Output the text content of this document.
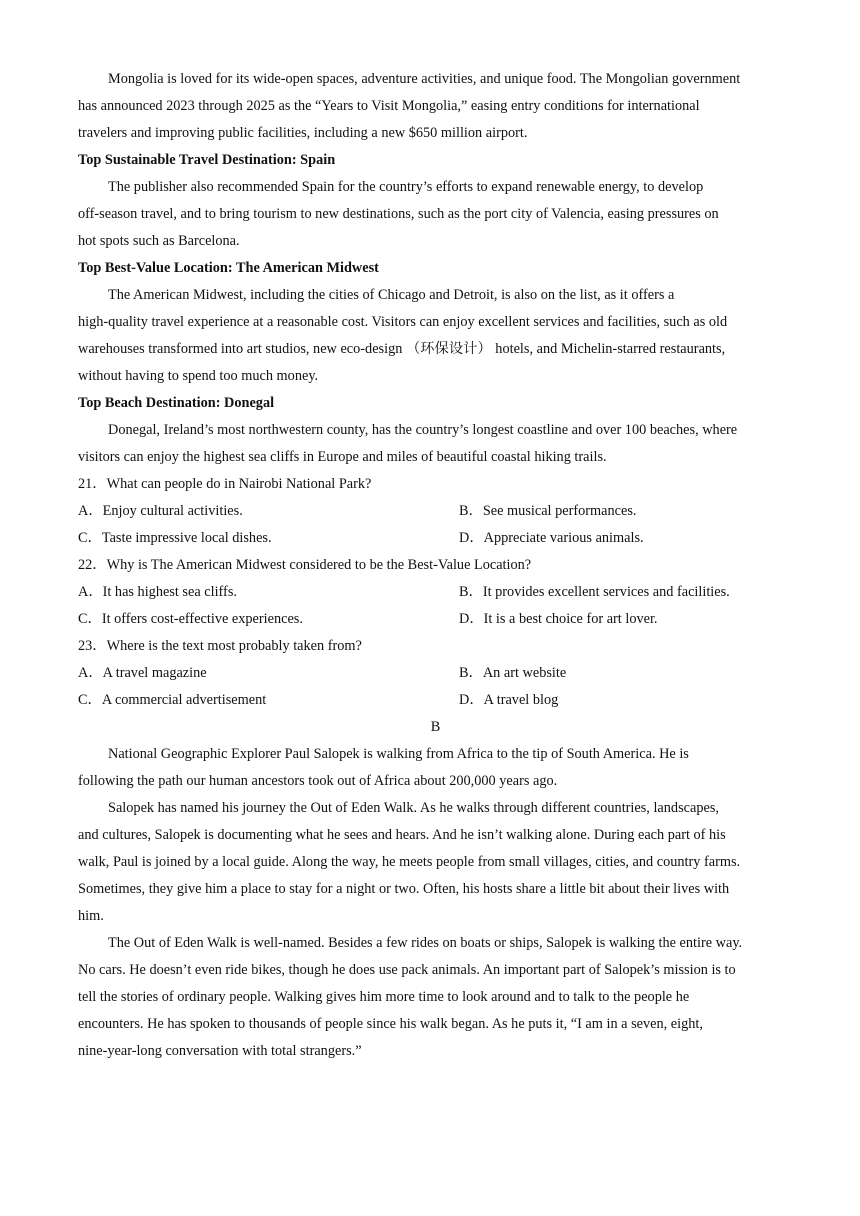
Mongolia is loved for its wide-open spaces, adventure activities, and unique food. The Mongolian government

has announced 2023 through 2025 as the “Years to Visit Mongolia,” easing entry conditions for international

travelers and improving public facilities, including a new $650 million airport.

Top Sustainable Travel Destination: Spain

The publisher also recommended Spain for the country’s efforts to expand renewable energy, to develop

off-season travel, and to bring tourism to new destinations, such as the port city of Valencia, easing pressures on

hot spots such as Barcelona.

Top Best-Value Location: The American Midwest

The American Midwest, including the cities of Chicago and Detroit, is also on the list, as it offers a

high-quality travel experience at a reasonable cost. Visitors can enjoy excellent services and facilities, such as old

warehouses transformed into art studios, new eco-design （环保设计） hotels, and Michelin-starred restaurants,

without having to spend too much money.

Top Beach Destination: Donegal

Donegal, Ireland’s most northwestern county, has the country’s longest coastline and over 100 beaches, where

visitors can enjoy the highest sea cliffs in Europe and miles of beautiful coastal hiking trails.

21．What can people do in Nairobi National Park?

A．Enjoy cultural activities.	B．See musical performances.
C．Taste impressive local dishes.	D．Appreciate various animals.

22．Why is The American Midwest considered to be the Best-Value Location?

A．It has highest sea cliffs.	B．It provides excellent services and facilities.
C．It offers cost-effective experiences.	D．It is a best choice for art lover.

23．Where is the text most probably taken from?

A．A travel magazine	B．An art website
C．A commercial advertisement	D．A travel blog

B

National Geographic Explorer Paul Salopek is walking from Africa to the tip of South America. He is

following the path our human ancestors took out of Africa about 200,000 years ago.

Salopek has named his journey the Out of Eden Walk. As he walks through different countries, landscapes,

and cultures, Salopek is documenting what he sees and hears. And he isn’t walking alone. During each part of his

walk, Paul is joined by a local guide. Along the way, he meets people from small villages, cities, and country farms.

Sometimes, they give him a place to stay for a night or two. Often, his hosts share a little bit about their lives with

him.

The Out of Eden Walk is well-named. Besides a few rides on boats or ships, Salopek is walking the entire way.

No cars. He doesn’t even ride bikes, though he does use pack animals. An important part of Salopek’s mission is to

tell the stories of ordinary people. Walking gives him more time to look around and to talk to the people he

encounters. He has spoken to thousands of people since his walk began. As he puts it, “I am in a seven, eight,

nine-year-long conversation with total strangers.”
